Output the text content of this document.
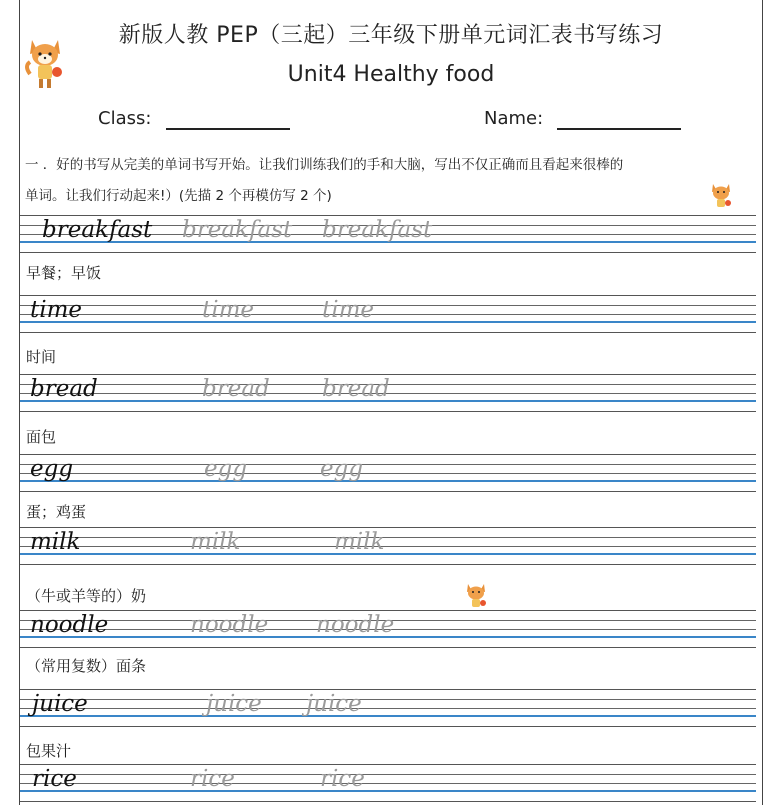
新版人教 PEP（三起）三年级下册单元词汇表书写练习
Unit4 Healthy food
Class:	Name:
一 ．好的书写从完美的单词书写开始。让我们训练我们的手和大脑，写出不仅正确而且看起来很棒的
单词。让我们行动起来!）(先描 2 个再模仿写 2 个)
breakfast breakfast breakfast
早餐；早饭
time	time	time
时间
bread	bread bread
面包
egg	egg	egg
蛋；鸡蛋
milk	milk	milk
（牛或羊等的）奶
noodle	noodle noodle
（常用复数）面条
juice	juice juice
包果汁
rice	rice	rice
